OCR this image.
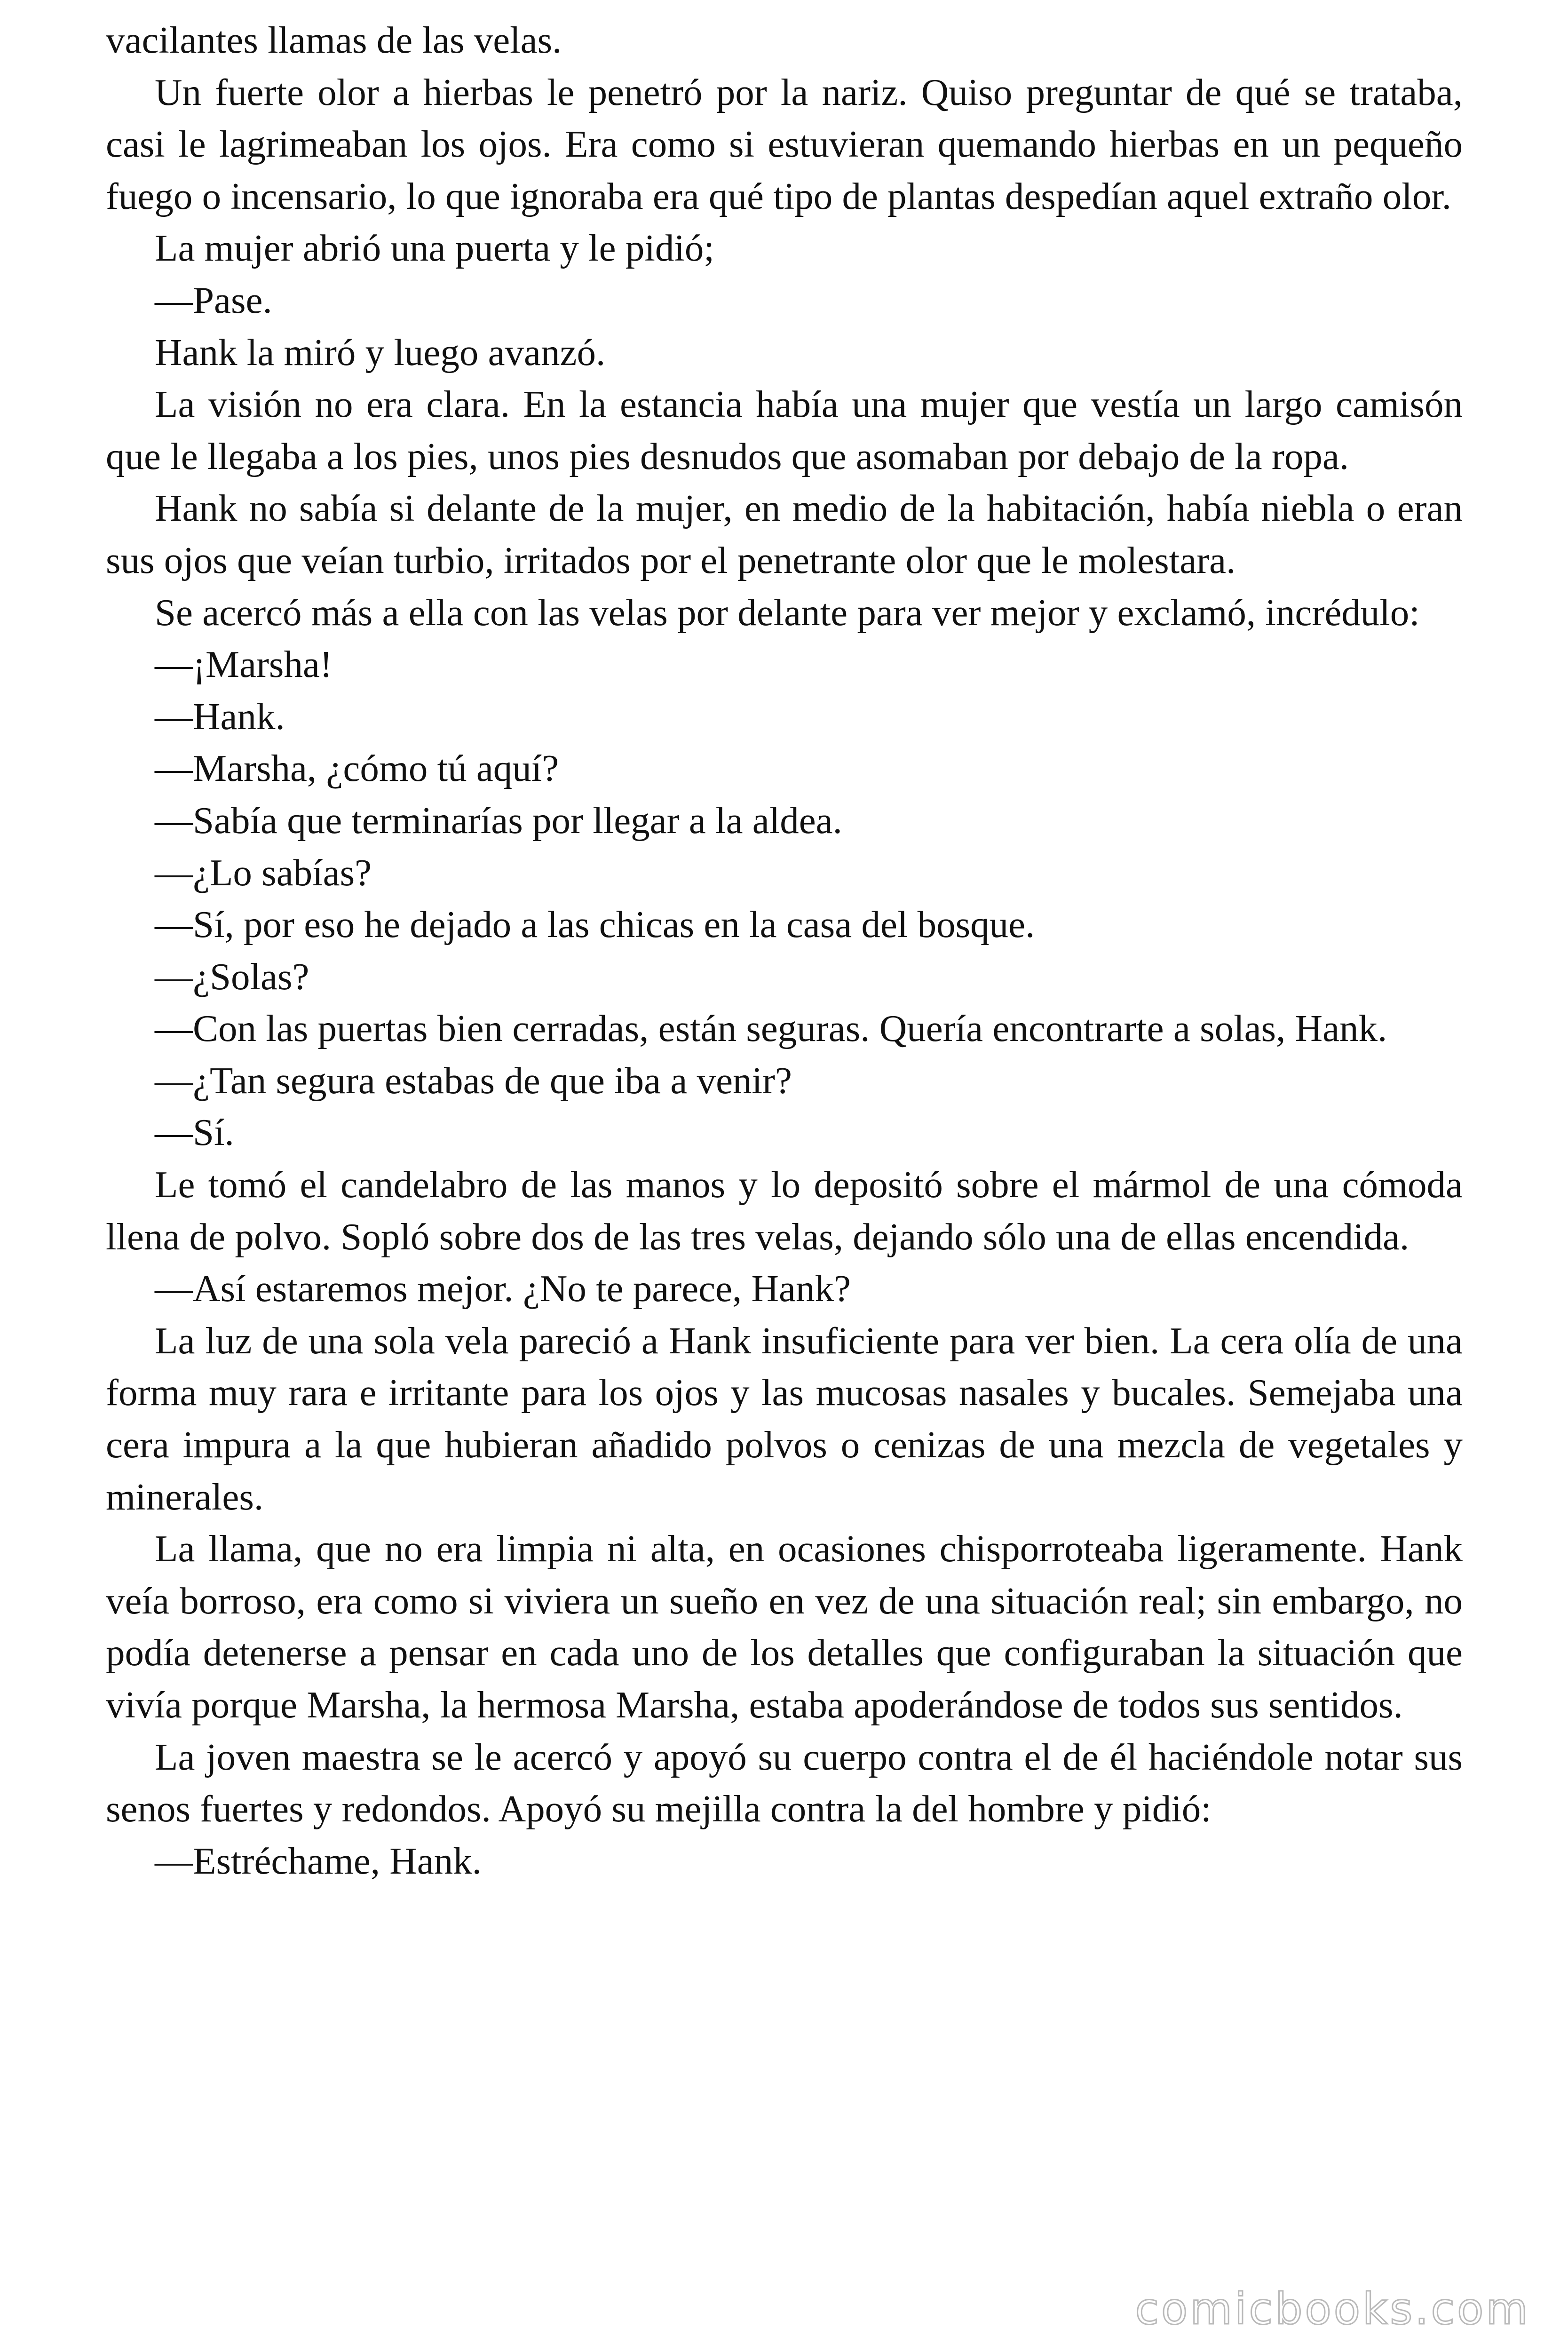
vacilantes llamas de las velas.

Un fuerte olor a hierbas le penetró por la nariz. Quiso preguntar de qué se trataba, casi le lagrimeaban los ojos. Era como si estuvieran quemando hierbas en un pequeño fuego o incensario, lo que ignoraba era qué tipo de plantas despedían aquel extraño olor.

La mujer abrió una puerta y le pidió;

—Pase.

Hank la miró y luego avanzó.

La visión no era clara. En la estancia había una mujer que vestía un largo camisón que le llegaba a los pies, unos pies desnudos que asomaban por debajo de la ropa.

Hank no sabía si delante de la mujer, en medio de la habitación, había niebla o eran sus ojos que veían turbio, irritados por el penetrante olor que le molestara.

Se acercó más a ella con las velas por delante para ver mejor y exclamó, incrédulo:

—¡Marsha!

—Hank.

—Marsha, ¿cómo tú aquí?

—Sabía que terminarías por llegar a la aldea.

—¿Lo sabías?

—Sí, por eso he dejado a las chicas en la casa del bosque.

—¿Solas?

—Con las puertas bien cerradas, están seguras. Quería encontrarte a solas, Hank.

—¿Tan segura estabas de que iba a venir?

—Sí.

Le tomó el candelabro de las manos y lo depositó sobre el mármol de una cómoda llena de polvo. Sopló sobre dos de las tres velas, dejando sólo una de ellas encendida.

—Así estaremos mejor. ¿No te parece, Hank?

La luz de una sola vela pareció a Hank insuficiente para ver bien. La cera olía de una forma muy rara e irritante para los ojos y las mucosas nasales y bucales. Semejaba una cera impura a la que hubieran añadido polvos o cenizas de una mezcla de vegetales y minerales.

La llama, que no era limpia ni alta, en ocasiones chisporroteaba ligeramente. Hank veía borroso, era como si viviera un sueño en vez de una situación real; sin embargo, no podía detenerse a pensar en cada uno de los detalles que configuraban la situación que vivía porque Marsha, la hermosa Marsha, estaba apoderándose de todos sus sentidos.

La joven maestra se le acercó y apoyó su cuerpo contra el de él haciéndole notar sus senos fuertes y redondos. Apoyó su mejilla contra la del hombre y pidió:

—Estréchame, Hank.

comicbooks.com
